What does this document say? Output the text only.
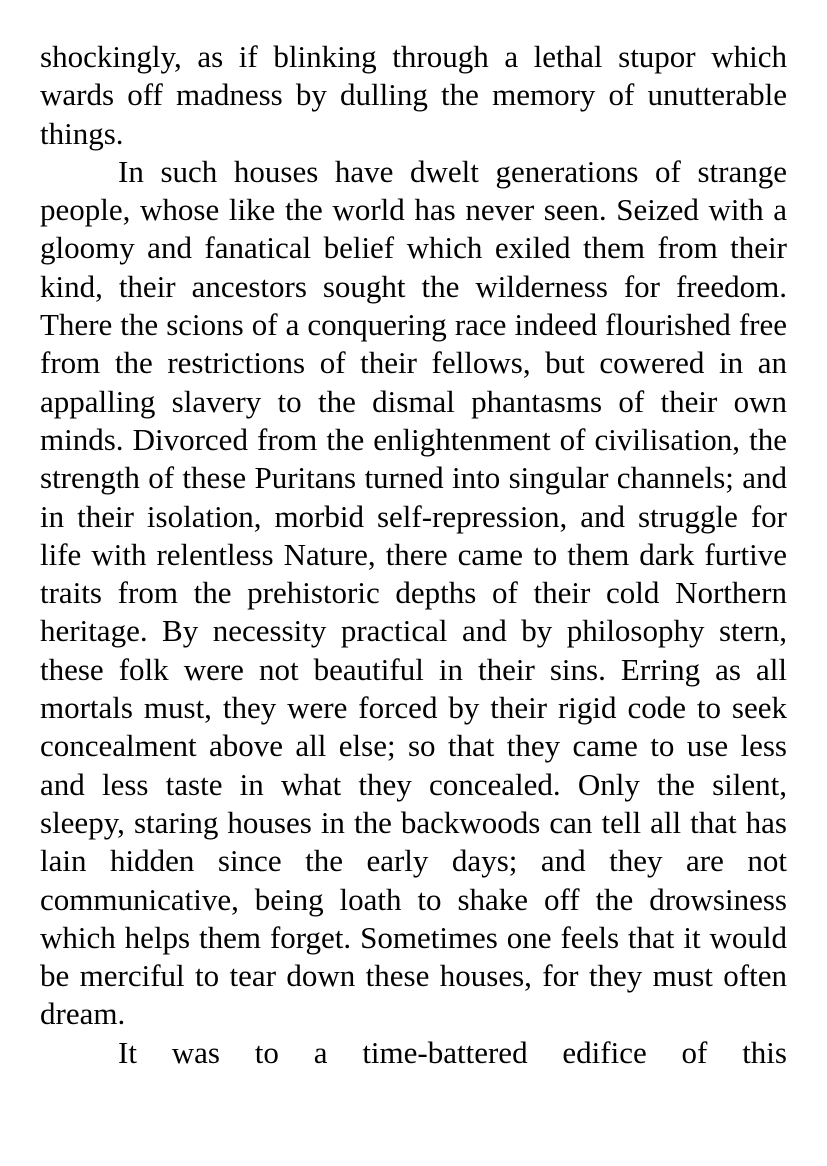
shockingly, as if blinking through a lethal stupor which wards off madness by dulling the memory of unutterable things.

In such houses have dwelt generations of strange people, whose like the world has never seen. Seized with a gloomy and fanatical belief which exiled them from their kind, their ancestors sought the wilderness for freedom. There the scions of a conquering race indeed flourished free from the restrictions of their fellows, but cowered in an appalling slavery to the dismal phantasms of their own minds. Divorced from the enlightenment of civilisation, the strength of these Puritans turned into singular channels; and in their isolation, morbid self-repression, and struggle for life with relentless Nature, there came to them dark furtive traits from the prehistoric depths of their cold Northern heritage. By necessity practical and by philosophy stern, these folk were not beautiful in their sins. Erring as all mortals must, they were forced by their rigid code to seek concealment above all else; so that they came to use less and less taste in what they concealed. Only the silent, sleepy, staring houses in the backwoods can tell all that has lain hidden since the early days; and they are not communicative, being loath to shake off the drowsiness which helps them forget. Sometimes one feels that it would be merciful to tear down these houses, for they must often dream.

It was to a time-battered edifice of this
